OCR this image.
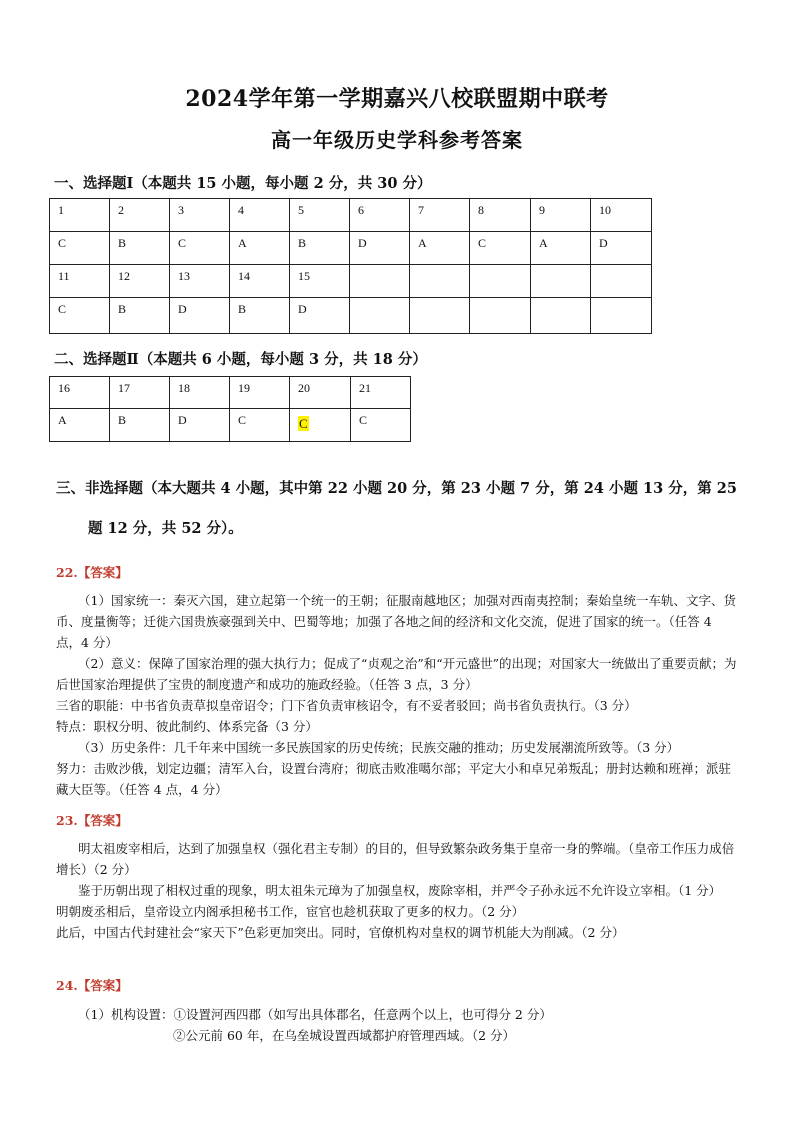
2024学年第一学期嘉兴八校联盟期中联考
高一年级历史学科参考答案
一、选择题Ⅰ（本题共 15 小题，每小题 2 分，共 30 分）
1	2	3	4	5	6	7	8	9	10
C	B	C	A	B	D	A	C	A	D
11	12	13	14	15					
C	B	D	B	D					
二、选择题Ⅱ（本题共 6 小题，每小题 3 分，共 18 分）
16	17	18	19	20	21
A	B	D	C	C	C
三、非选择题（本大题共 4 小题，其中第 22 小题 20 分，第 23 小题 7 分，第 24 小题 13 分，第 25
题 12 分，共 52 分）。
22.【答案】

（1）国家统一：秦灭六国，建立起第一个统一的王朝；征服南越地区；加强对西南夷控制；秦始皇统一车轨、文字、货币、度量衡等；迁徙六国贵族豪强到关中、巴蜀等地；加强了各地之间的经济和文化交流，促进了国家的统一。（任答 4 点，4 分）

（2）意义：保障了国家治理的强大执行力；促成了“贞观之治”和“开元盛世”的出现；对国家大一统做出了重要贡献；为后世国家治理提供了宝贵的制度遗产和成功的施政经验。（任答 3 点，3 分）

三省的职能：中书省负责草拟皇帝诏令；门下省负责审核诏令，有不妥者驳回；尚书省负责执行。（3 分）

特点：职权分明、彼此制约、体系完备（3 分）

（3）历史条件：几千年来中国统一多民族国家的历史传统；民族交融的推动；历史发展潮流所致等。（3 分）

努力：击败沙俄，划定边疆；清军入台，设置台湾府；彻底击败准噶尔部；平定大小和卓兄弟叛乱；册封达赖和班禅；派驻藏大臣等。（任答 4 点，4 分）

23.【答案】

明太祖废宰相后，达到了加强皇权（强化君主专制）的目的，但导致繁杂政务集于皇帝一身的弊端。（皇帝工作压力成倍增长）（2 分）

鉴于历朝出现了相权过重的现象，明太祖朱元璋为了加强皇权，废除宰相，并严令子孙永远不允许设立宰相。（1 分）

明朝废丞相后，皇帝设立内阁承担秘书工作，宦官也趁机获取了更多的权力。（2 分）

此后，中国古代封建社会“家天下”色彩更加突出。同时，官僚机构对皇权的调节机能大为削减。（2 分）

24.【答案】

（1）机构设置：①设置河西四郡（如写出具体郡名，任意两个以上，也可得分 2 分）

②公元前 60 年，在乌垒城设置西域都护府管理西域。（2 分）
